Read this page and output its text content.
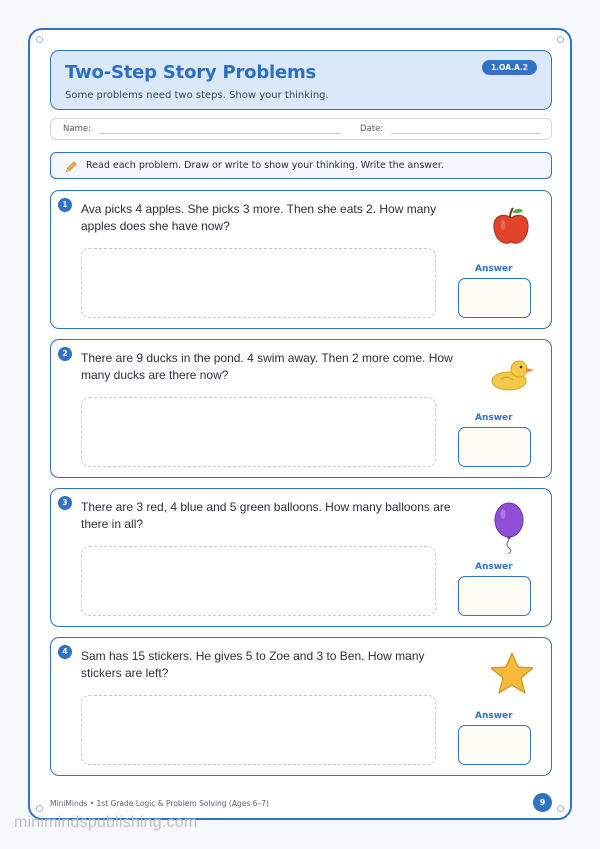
Two-Step Story Problems
Some problems need two steps. Show your thinking.
1.OA.A.2
Name:	Date:
Read each problem. Draw or write to show your thinking. Write the answer.
1	Ava picks 4 apples. She picks 3 more. Then she eats 2. How many apples does she have now?
Answer
2	There are 9 ducks in the pond. 4 swim away. Then 2 more come. How many ducks are there now?
Answer
3	There are 3 red, 4 blue and 5 green balloons. How many balloons are there in all?
Answer
4	Sam has 15 stickers. He gives 5 to Zoe and 3 to Ben. How many stickers are left?
Answer
MiniMinds • 1st Grade Logic & Problem Solving (Ages 6–7)	9
minimindspublishing.com
